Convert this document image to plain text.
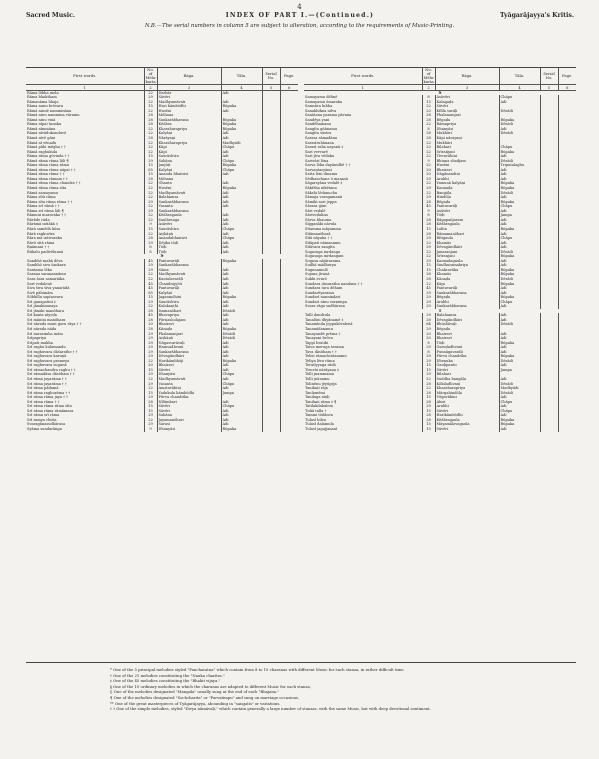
4
Sacred Music.	INDEX OF PART I.—(Continued.)	Tyāgarājayya's Kritis.
N.B.—The serial numbers in column 5 are subject to alteration, according to the requirements of Music-Printing.
First words.	No. of Mēla-karta.	Rāga.	Tāla.	Serial No.	Page.
1	2	3	4	5	6
Rāma lōbha mela	22	Darbār	Ādi		
Rāma bhaktham	29	Sāvēri			
Rāmanāma bhaja	22	Madhyamāvati	Ādi		
Rāma nanu brōvara	15	Hari kāmbōdhi	Rūpaka		
Rāmā ninnē nammināna	22	Husēni	Ādi		
Rāmā ninu nammina vāramu	28	Mōhana			
Rāmā ninu vinā	28	Sankarābharana	Rūpaka		
Rāma nīpai tanaku	28	Kēdāra	Rūpaka		
Rāmā nīmmāna	22	Kharaharapriya	Rūpaka		
Rāmā nīvādukonduvō	22	Kalyāṇi	Ādi		
Rāmā nīvē gāni	28	Nārāyaṇi	Ādi		
Rāmā nī vēnadu	22	Kharaharapriya	Madhyādi		
Rāmā pāhi mēgha † †	22	Kāpi	Chāpu		
Rāmā raghukula	22	Kāpi	Ādi		
Rāma rāma gōvinda † †	15	Saurāshtra	Ādi		
Rāmā rāma rāma lāli ¶	29	Sahāna	Chāpu		
Rāma rāma rāma rāma	15	Janjūṭi	Rūpaka		
Rāmā rāma rāma nāpai † †	65	Kalyāṇi	Chāpu		
Rāmā rāma rāma † †	15	Ānanda bhairavi	Ādi		
Rāma rāma rāmam † †	28	Mōhana			
Rāmā rāma rāma chandra † †	22	Ghanta	Ādi		
Rāmā rāma rāma sīta	22	Husēni	Rūpaka		
Rāmā samayamu	22	Madhyamāvati	Ādi		
Rāma sītā rāma	22	Balahamsa	Ādi		
Rāma sīta rāma rāma † †	29	Sankarābharana	Ādi		
Rāma srī rāmā † †	22	Vasanta	Ādi		
Rāma srī rāma lāli ¶	29	Sankarābharana			
Rāmuni maravaka † †	22	Kēdāragaula	Ādi		
Rārāde rāda	22	Ṣaulāranga	Ādi		
Rārāmā intiākā ‡	9	Asāvēri	Ādi		
Rārā samēdā kōsa	15	Saurāshtra	Chāpu		
Rārā raghuvīra	22	Aṭṭhāṇā	Ādi		
Rāra mā intivaraku	28	Ānandabhairavi	Chāpu		
Rāvō sītā rāma	29	Dējika tōḍi	Ādi		
Ṛṇāmani † †	8	Tōḍi	Ādi		
Rūkalu padivēlunnā	8	Tōḍi	Ādi		
S					
Sambhō mahā dēva	45	Pantuvarāḷi	Rūpaka		
Sambhō siva šankara	29	Sankarābharana			
Šantamu lēka	29	Sāma	Ādi		
Šaraṇu saraṇannāmu	22	Madhyamāvati	Ādi		
Šara šara samarāika	22	Kuntalavarāḷi	Ādi		
Šarī vedalenē	45	Chandrajyōti	Ādi		
Šiva šiva šiva yanarādā	45	Pantuvarāḷi	Ādi		
Šivē pāhimām	65	Kalyāṇi	Ādi		
Šōbhillu saptasvara	15	Jaganmōhini	Rūpaka		
Srī ganapatini ‡	29	Saurāshtra	Ādi		
Srī jānakinanaya	22	Kalakaṇṭhi	Ādi		
Srī jānaki manōhara	28	Isamanōhari	Dēsādi		
Srī kanta nīyeḍa	45	Bhavapriya	Ādi		
Srī mānini manōhara	28	Pūrṇasholajam	Ādi		
Srī nārada muni guru rāya † †	20	Bhairavi	Ādi		
Srī nārada nāda	28	Kānaḍa	Rūpaka		
Srī narasimha mām	29	Phalamanjari	Dēsādi		
Srīpapriya	29	Aṭṭhāṇā	Dēsādi		
Srīpati mukha	29	Nāgasvarāvaḷi	Ādi		
Srī raghu kulamandu	29	Hamsadhvani	Ādi		
Srī raghuvara dāśarathe † †	29	Sankarābharana	Ādi		
Srī raghuvara karuṇā	29	Dēvagāndhāri	Ādi		
Srī raghuvara prameya	22	Harikāmbhōji	Rūpaka		
Srī raghuvara sugunā	20	Bhairavi	Ādi		
Srī rāmachandra raghu † †	15	Sāvēri	Ādi		
Srī rāmadāsa dāsōham † †	29	Dhanyāsi	Chāpu		
Srī rāma jayarāma † †	22	Madhyamāvati	Ādi		
Srī rāma jayarāma † †	29	Vasanta	Chāpu		
Srī rāma pādamā	22	Amṛtavāhini	Ādi		
Srī rāma raghurāma † †	15	Yadukula kāmbōdhi	Jampa		
Srī rāma rāma jaya † †	29	Pūrva chandrika			
Srī rāma rāma † †	28	Nīlāmbari	Ādi		
Srī rāma rāma rāma sīta	15	Sāvēri	Chāpu		
Srī rāma rāma rāmāmara	15	Sāvēri	Ādi		
Srī rāma srī rāma	29	Sahāna	Ādi		
Srī ramya chitta	22	Jayamanōhari	Ādi		
Svaragānasudhārasa	29	Sarasi	Ādi		
Šyāma sundarānga	9	Dhanyāsi	Rūpaka		
First words.	No. of Mēla-karta.	Rāga.	Tāla.	Serial No.	Page.
1	2	3	4	5	6
S					
Samayamu dēlinē	8	Asāvēri	Chāpu		
Samayamu ēmaraka	15	Kalagaḍa	Ādi		
Samsāra lubha	22	Sāvēri			
Sanakhikna nilva	20	Kīlīla varāḷi	Dēsādi		
Sanātana parama pāvana	28	Phalamanjari			
Sandēya yani	28	Bēgaḍa	Rūpaka		
Sandēhamanu	22	Rāmapriya	Dēsādi		
Sangīta gñānamu	8	Dhanyāsi	Ādi		
Sangīta sāstra	28	Mukhāri	Dēsādi		
Sarasa sāmadāna	28	Kāpi nārayaṇi			
Sarasīruhānana	22	Mukhāri			
Sarasī raha nayanā ‡	22	Bilahari	Chāpu		
Sari vevvarē	22	Srīrañjani	Rūpaka		
Sari jīva vēdaka	22	Tīvravāhini	Ādi		
Sarivāri lōna	9	Bhinna shadjam	Dēsādi		
Sarva lōka dayānidhē † †	22	Husēni	Triputalaghu		
Sarvantaryāmi	20	Bhairavi	Ādi		
Satta lēni dinamu	20	Nāgānandini	Ādi		
Sēdhanchane ō manasā	29	Ārabhi	Ādi		
Sāgarsyāna vedalē ‡	22	Yamunā kalyāṇi	Rūpaka		
Sākētha nikētana	29	Kannaḍa	Rūpaka		
Sākshi lēdanucha	22	Bangāla	Dēsādi		
Sāmaja varagamanā	29	Hindōḷa	Ādi		
Sāmiki sari jeppa	28	Bēgaḍa	Rūpaka		
Sārasa gāni	45	Pantuvarāḷi	Chāpu		
Sāri veḍalē	9	Asāvēri	Ādi		
Sāriveḍalina	8	Tōḍi	Jampa		
Sārva bhauma	28	Rāgapañjaram	Ādi		
Sīgganāki nāvula	28	Kēdāragaula	Ādi		
Sītamma māyamma	15	Lalita	Rūpaka		
Sītāmanōharā	28	Rāmamanōhari	Ādi		
Sītā nāyaka † †	29	Rītigaula	Chāpu		
Sītāpati nāmanamu	22	Khamās	Ādi		
Sītāvara sangīta	29	Dēvagāndhāri	Ādi		
Sogasuga mṛdanga	22	Janaranjani	Dēsādi		
Sogasuga mṛdangam	22	Srīranjani	Rūpaka		
Sogasu nājārarama	29	Kannadagaula	Ādi		
Sudhā mādhurya	15	Sindhuramakriya	Ādi		
Sugunamulē	15	Chakravāka	Rūpaka		
Sujana jīvanā	28	Khamās	Rūpaka		
Sukhi evarō	28	Kānaḍa	Dēsādi		
Sundara dasaratha nandana † †	22	Kāpi	Rūpaka		
Sundara tara dēham	45	Pantuvarāḷi	Ādi		
Sundarēyaramu	29	Sankarābharana	Ādi		
Sundarī nanninḍari	29	Bēgaḍa	Rūpaka		
Sundari nīnu varṇimpa	29	Ārabhi	Chāpu		
Svara rāga sudhārasa	29	Sankarābharana	Ādi		
T					
Talli dandrula	29	Balahamsa	Ādi		
Tanalōni dhyānamē ‡	28	Dēvagāndhāri	Ādi		
Tanamīnda jeppukōvalenā	64	Bhūshāvaḷi	Dēsādi		
Tanamīdanamu	29	Bēgaḍa			
Tanayandē prēma †	20	Bhairavi	Ādi		
Tanayani brōva	20	Bhairavi	Ādi		
Tappi bratiki	8	Tōḍi	Rūpaka		
Taiva meruga tarama	29	Garuḍadhvani	Ādi		
Tava dāsōham † †	8	Punnāgavarāḷi	Ādi		
Telisi rāmachintanamu	29	Pūrva chandrika	Rūpaka		
Teliya lēru rāma	29	Dhenuka	Dēsādi		
Teratīyyaga rādā	15	Gauḷipantu	Ādi		
Tiruvāi nārāyaṇa ‡	15	Sāvēri	Jampa		
Tolli jnammamu	29	Bilahari			
Tolli jnānamu	22	Suddha bangāḷa	Ādi		
Tolinēnu jēyūpṛja	28	Kōkiladhvani	Dēsādi		
Tanikaṭi rāja	22	Kharaharapriya	Madhyādi		
Tanlamēmi	28	Mārgahindōḷa	Dēsādi		
Tanilaga nāḍi	15	Vēgavāhini	Ādi		
Tanilani rāma ‡ ¶	28	Āhiri	Chāpu		
Tatilakilabalem	29	Ārabhi	Ādi		
Tuliā talla †	15	Sāvēri	Chāpu		
Tammi tōdānva	28	Harikāmbōdhi	Ādi		
Tulasī bilva	28	Kēdāragaula	Rūpaka		
Tulasī dalamula	15	Māyamālavagaula	Rūpaka		
Tulasī jagajjananī	15	Sāvēri	Ādi		
* One of the 5 principal melodies styled "Pancharatna" which contain from 8 to 10 charanas with different Music for each stanza, in rather difficult time.
† One of the 21 melodies constituting the "Nauka charitra."
‡ One of the 45 melodies constituting the "Bhakti vijaya."
§ One of the 10 ordinary melodies in which the charanas are adapted to different Music for each stanza,
|| One of the melodies designated "Mangala" usually sung at the end of each "Bhajana."
¶ One of the melodies designated "Sochcharita" or "Parvatimpu" and sung on marriage occasions.
** One of the great masterpieces of Tyāgarājayya, abounding in "sangatis" or variations.
† † One of the simple melodies, styled "Divya nāmāvaḷi," which contain generally a large number of stanzas, with the same Music, but with deep devotional sentiment.
